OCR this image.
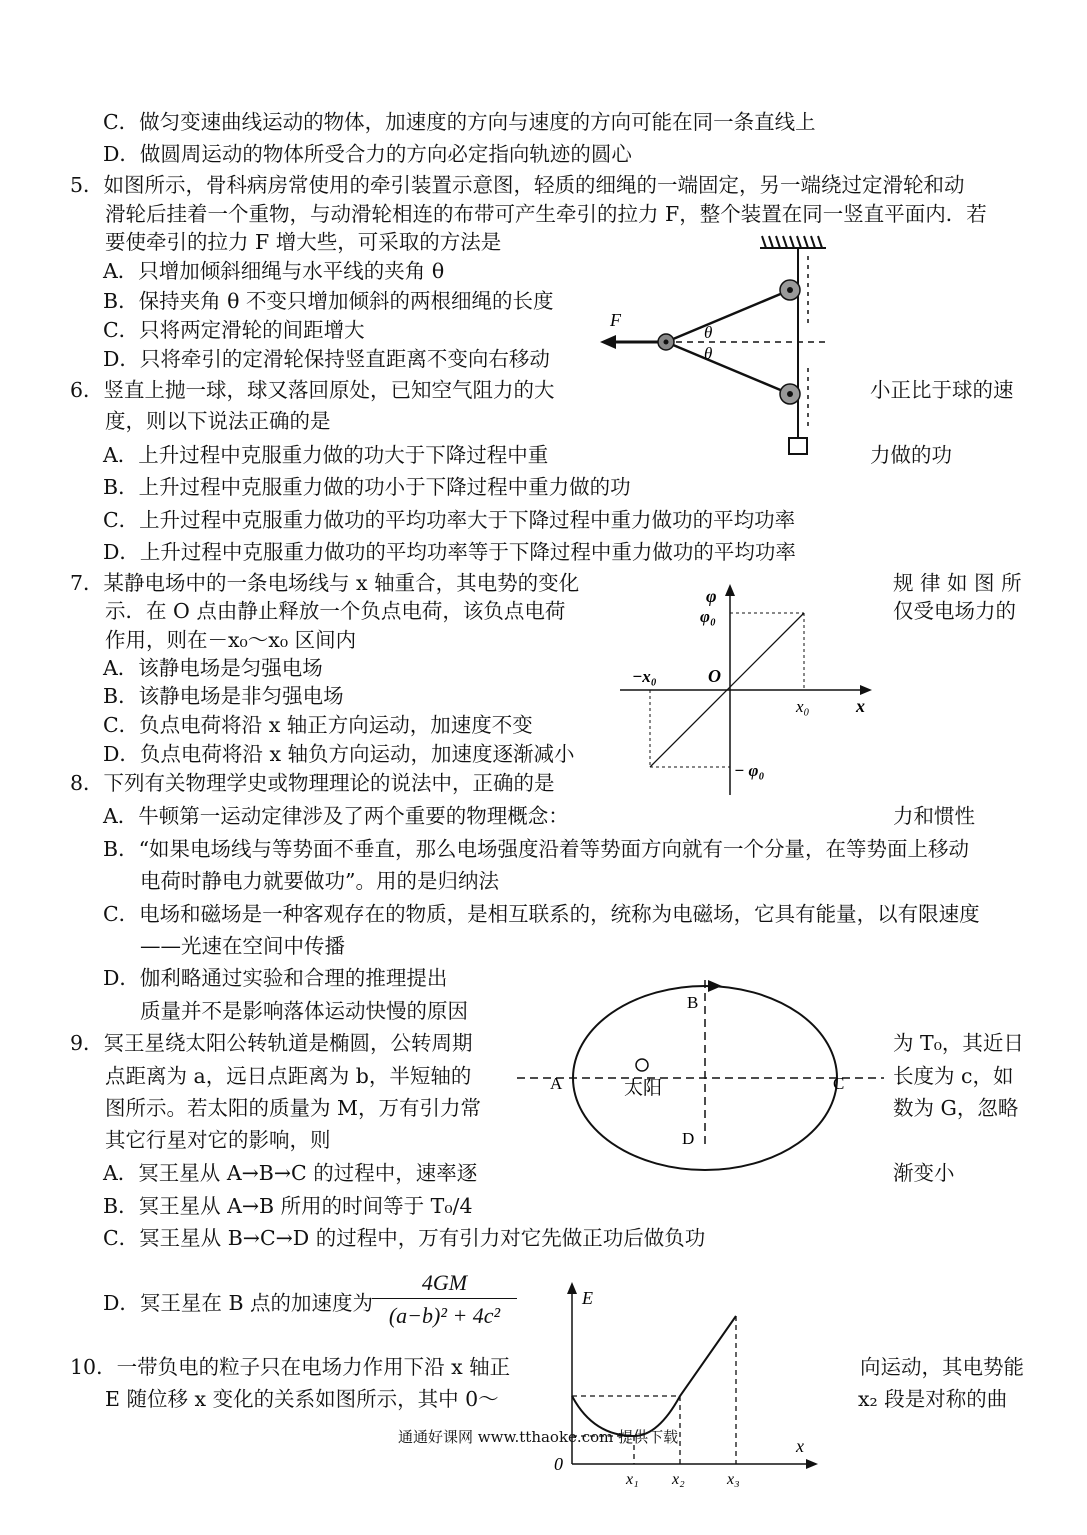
C．做匀变速曲线运动的物体，加速度的方向与速度的方向可能在同一条直线上
D．做圆周运动的物体所受合力的方向必定指向轨迹的圆心
5．如图所示，骨科病房常使用的牵引装置示意图，轻质的细绳的一端固定，另一端绕过定滑轮和动
滑轮后挂着一个重物，与动滑轮相连的布带可产生牵引的拉力 F，整个装置在同一竖直平面内．若
要使牵引的拉力 F 增大些，可采取的方法是
A．只增加倾斜细绳与水平线的夹角 θ
B．保持夹角 θ 不变只增加倾斜的两根细绳的长度
C．只将两定滑轮的间距增大
D．只将牵引的定滑轮保持竖直距离不变向右移动
6．竖直上抛一球，球又落回原处，已知空气阻力的大	小正比于球的速
度，则以下说法正确的是
A．上升过程中克服重力做的功大于下降过程中重	力做的功
B．上升过程中克服重力做的功小于下降过程中重力做的功
C．上升过程中克服重力做功的平均功率大于下降过程中重力做功的平均功率
D．上升过程中克服重力做功的平均功率等于下降过程中重力做功的平均功率
7．某静电场中的一条电场线与 x 轴重合，其电势的变化	规 律 如 图 所
示．在 O 点由静止释放一个负点电荷，该负点电荷	仅受电场力的
作用，则在－x₀～x₀ 区间内
A．该静电场是匀强电场
B．该静电场是非匀强电场
C．负点电荷将沿 x 轴正方向运动，加速度不变
D．负点电荷将沿 x 轴负方向运动，加速度逐渐减小
8．下列有关物理学史或物理理论的说法中，正确的是
A．牛顿第一运动定律涉及了两个重要的物理概念：	力和惯性
B．“如果电场线与等势面不垂直，那么电场强度沿着等势面方向就有一个分量，在等势面上移动
电荷时静电力就要做功”。用的是归纳法
C．电场和磁场是一种客观存在的物质，是相互联系的，统称为电磁场，它具有能量，以有限速度
——光速在空间中传播
D．伽利略通过实验和合理的推理提出
质量并不是影响落体运动快慢的原因
9．冥王星绕太阳公转轨道是椭圆，公转周期	为 T₀，其近日
点距离为 a，远日点距离为 b，半短轴的	长度为 c，如
图所示。若太阳的质量为 M，万有引力常	数为 G，忽略
其它行星对它的影响，则
A．冥王星从 A→B→C 的过程中，速率逐	渐变小
B．冥王星从 A→B 所用的时间等于 T₀/4
C．冥王星从 B→C→D 的过程中，万有引力对它先做正功后做负功
D．冥王星在 B 点的加速度为
$\frac{4GM}{\text{(a−b)² + 4c²}}$
10．一带负电的粒子只在电场力作用下沿 x 轴正	向运动，其电势能
E 随位移 x 变化的关系如图所示，其中 0～	x₂ 段是对称的曲
F
θ
θ
φ
φ₀
−x₀	O
x₀	x
− φ₀
A
B
C
D
太阳
E
x
0
x₁ x₂	x₃
通通好课网 www.tthaoke.com 提供下载
